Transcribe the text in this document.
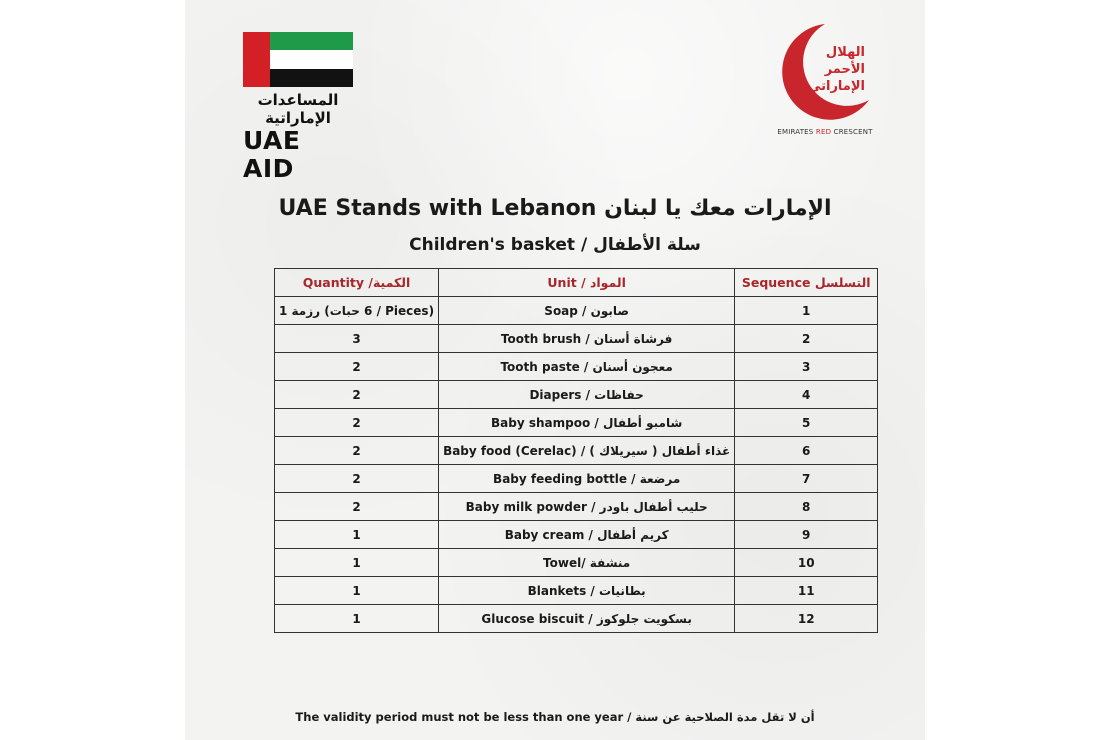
المساعدات الإماراتية
UAE AID
الهلال
الأحمر
الإماراتي
EMIRATES RED CRESCENT
UAE Stands with Lebanon الإمارات معك يا لبنان
Children's basket / سلة الأطفال
Quantity /الكمية	Unit / المواد	Sequence التسلسل
1 رزمة (6 حبات / Pieces)	Soap / صابون	1
3	Tooth brush / فرشاة أسنان	2
2	Tooth paste / معجون أسنان	3
2	Diapers / حفاظات	4
2	Baby shampoo / شامبو أطفال	5
2	Baby food (Cerelac) / ( غذاء أطفال ( سيريلاك	6
2	Baby feeding bottle / مرضعة	7
2	Baby milk powder / حليب أطفال باودر	8
1	Baby cream / كريم أطفال	9
1	Towel/ منشفة	10
1	Blankets / بطانيات	11
1	Glucose biscuit / بسكويت جلوكوز	12
The validity period must not be less than one year / أن لا تقل مدة الصلاحية عن سنة
